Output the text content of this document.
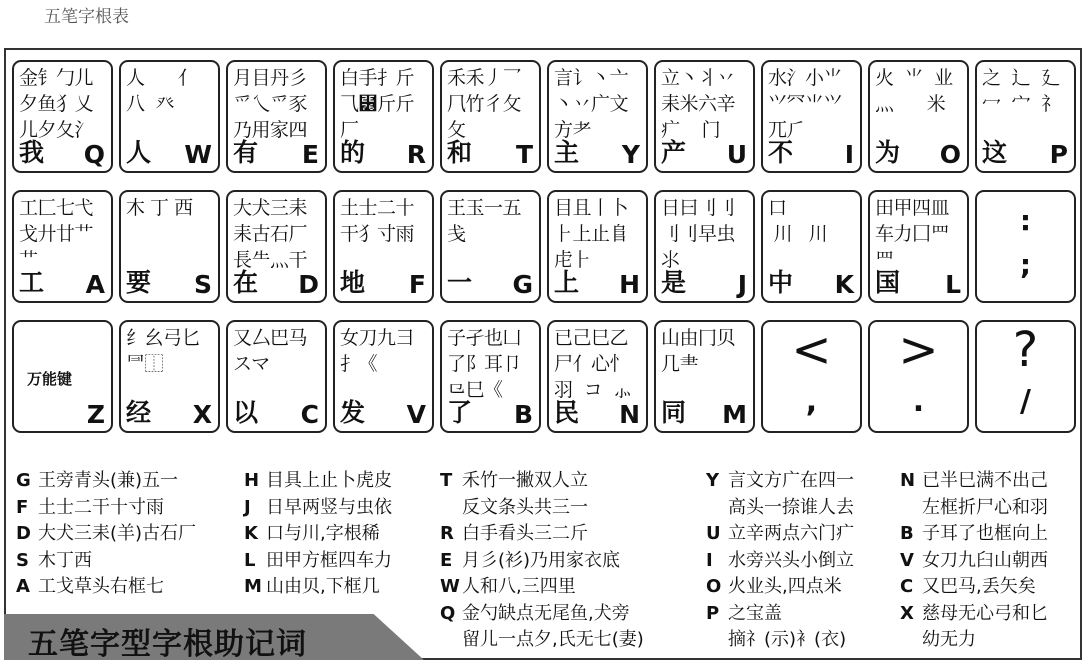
五笔字根表
金钅勹儿
夕鱼犭乂
儿夕夂⺡
我 Q
人      亻
八  癶
人 W
月目丹彡
爫乀爫豕
乃用家㆕
有 E
白手扌斤
⺄⹶斤斤
厂
的 R
禾禾丿乛
⺇竹彳攵
攵
和 T
言讠丶亠
丶丷广文
方⺹
主 Y
立丶丬丷
⽾⽶六辛
疒    门
产 U
水氵小⺌
⺍⺳⺌⺍
⺎⺁
不 I
火  ⺌  业
灬      米
为 O
之  辶  廴
冖  宀  礻
这 P
工匚七弋
戈廾廿艹
⺾
工 A
木 丁 西
要 S
大犬三⽾
⽾古石厂
長⺧⺣⼲
在 D
土士二十
干⺨寸雨
地 F
王⽟一五
戋
一 G
目且丨卜
⺊上止⻕
虍⺊
上 H
日曰刂刂
刂⺉早虫
⺢
是 J
口
川   川
中 K
田甲四皿
车力囗罒
⺲
国 L
:
;
Z
万能键
纟幺弓匕
⺜⿰
经 X
又厶巴马
スマ
以 C
女刀九彐
⺘《
发 V
子孑也凵
了阝耳卩
⺋巳《
了 B
已己巳乙
尸⺅心忄
羽  コ  ⺗
民 N
山由冂贝
几⺻
同 M
<
,
>
.
?
/
G 王旁青头(兼)五一
F 土士二干十寸雨
D 大犬三⽾(羊)古石厂
S 木丁西
A 工戈草头右框七
H 目具上止卜虎皮
J 日早两竖与虫依
K 口与川,字根稀
L 田甲方框四车力
M 山由贝,下框几
T 禾竹一撇双人立
反文条头共三一
R 白手看头三二斤
E 月彡(衫)乃用家衣底
W 人和八,三四里
Q 金勺缺点无尾鱼,犬旁
留儿一点夕,氏无七(妻)
Y 言文方广在四一
高头一捺谁人去
U 立辛两点六门疒
I 水旁兴头小倒立
O 火业头,四点米
P 之宝盖
摘礻(示)衤(衣)
N 已半巳满不出己
左框折尸心和羽
B 子耳了也框向上
V 女刀九臼山朝西
C 又巴马,丢矢矣
X 慈母无心弓和匕
幼无力
五笔字型字根助记词
